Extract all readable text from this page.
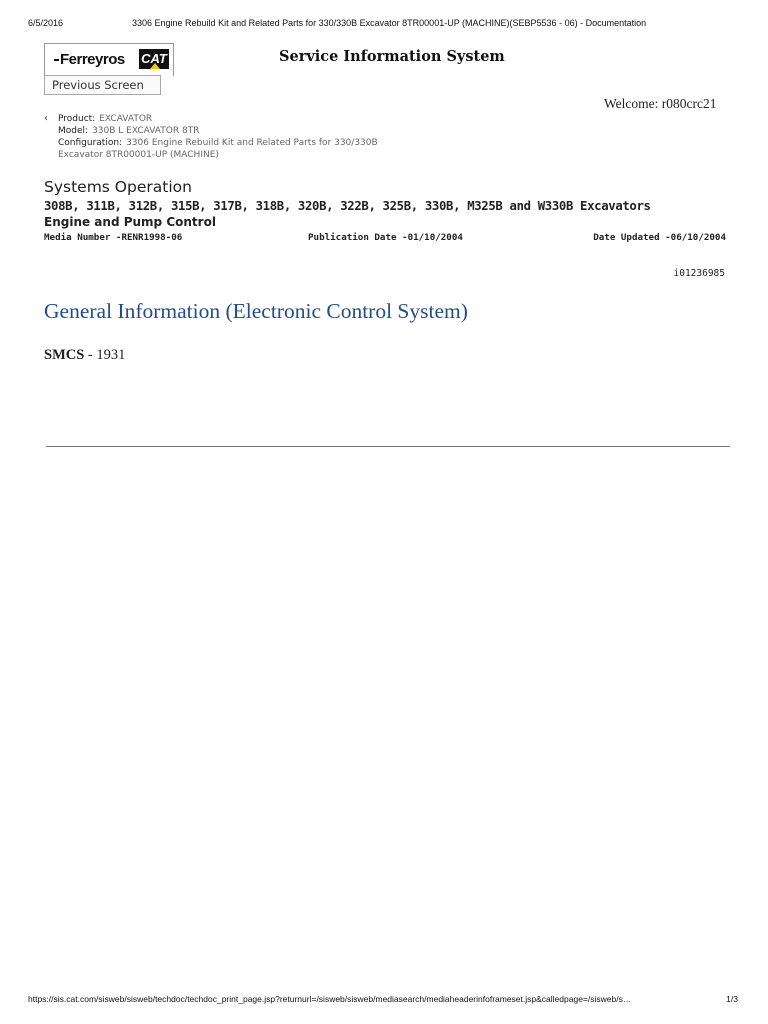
6/5/2016	3306 Engine Rebuild Kit and Related Parts for 330/330B Excavator 8TR00001-UP (MACHINE)(SEBP5536 - 06) - Documentation
Ferreyros CAT
Previous Screen
Service Information System
Welcome: r080crc21
‹ Product: EXCAVATOR
Model: 330B L EXCAVATOR 8TR
Configuration: 3306 Engine Rebuild Kit and Related Parts for 330/330B
Excavator 8TR00001-UP (MACHINE)
Systems Operation
308B, 311B, 312B, 315B, 317B, 318B, 320B, 322B, 325B, 330B, M325B and W330B Excavators
Engine and Pump Control
Media Number -RENR1998-06	Publication Date -01/10/2004	Date Updated -06/10/2004
i01236985
General Information (Electronic Control System)
SMCS - 1931
https://sis.cat.com/sisweb/sisweb/techdoc/techdoc_print_page.jsp?returnurl=/sisweb/sisweb/mediasearch/mediaheaderinfoframeset.jsp&calledpage=/sisweb/s…	1/3
